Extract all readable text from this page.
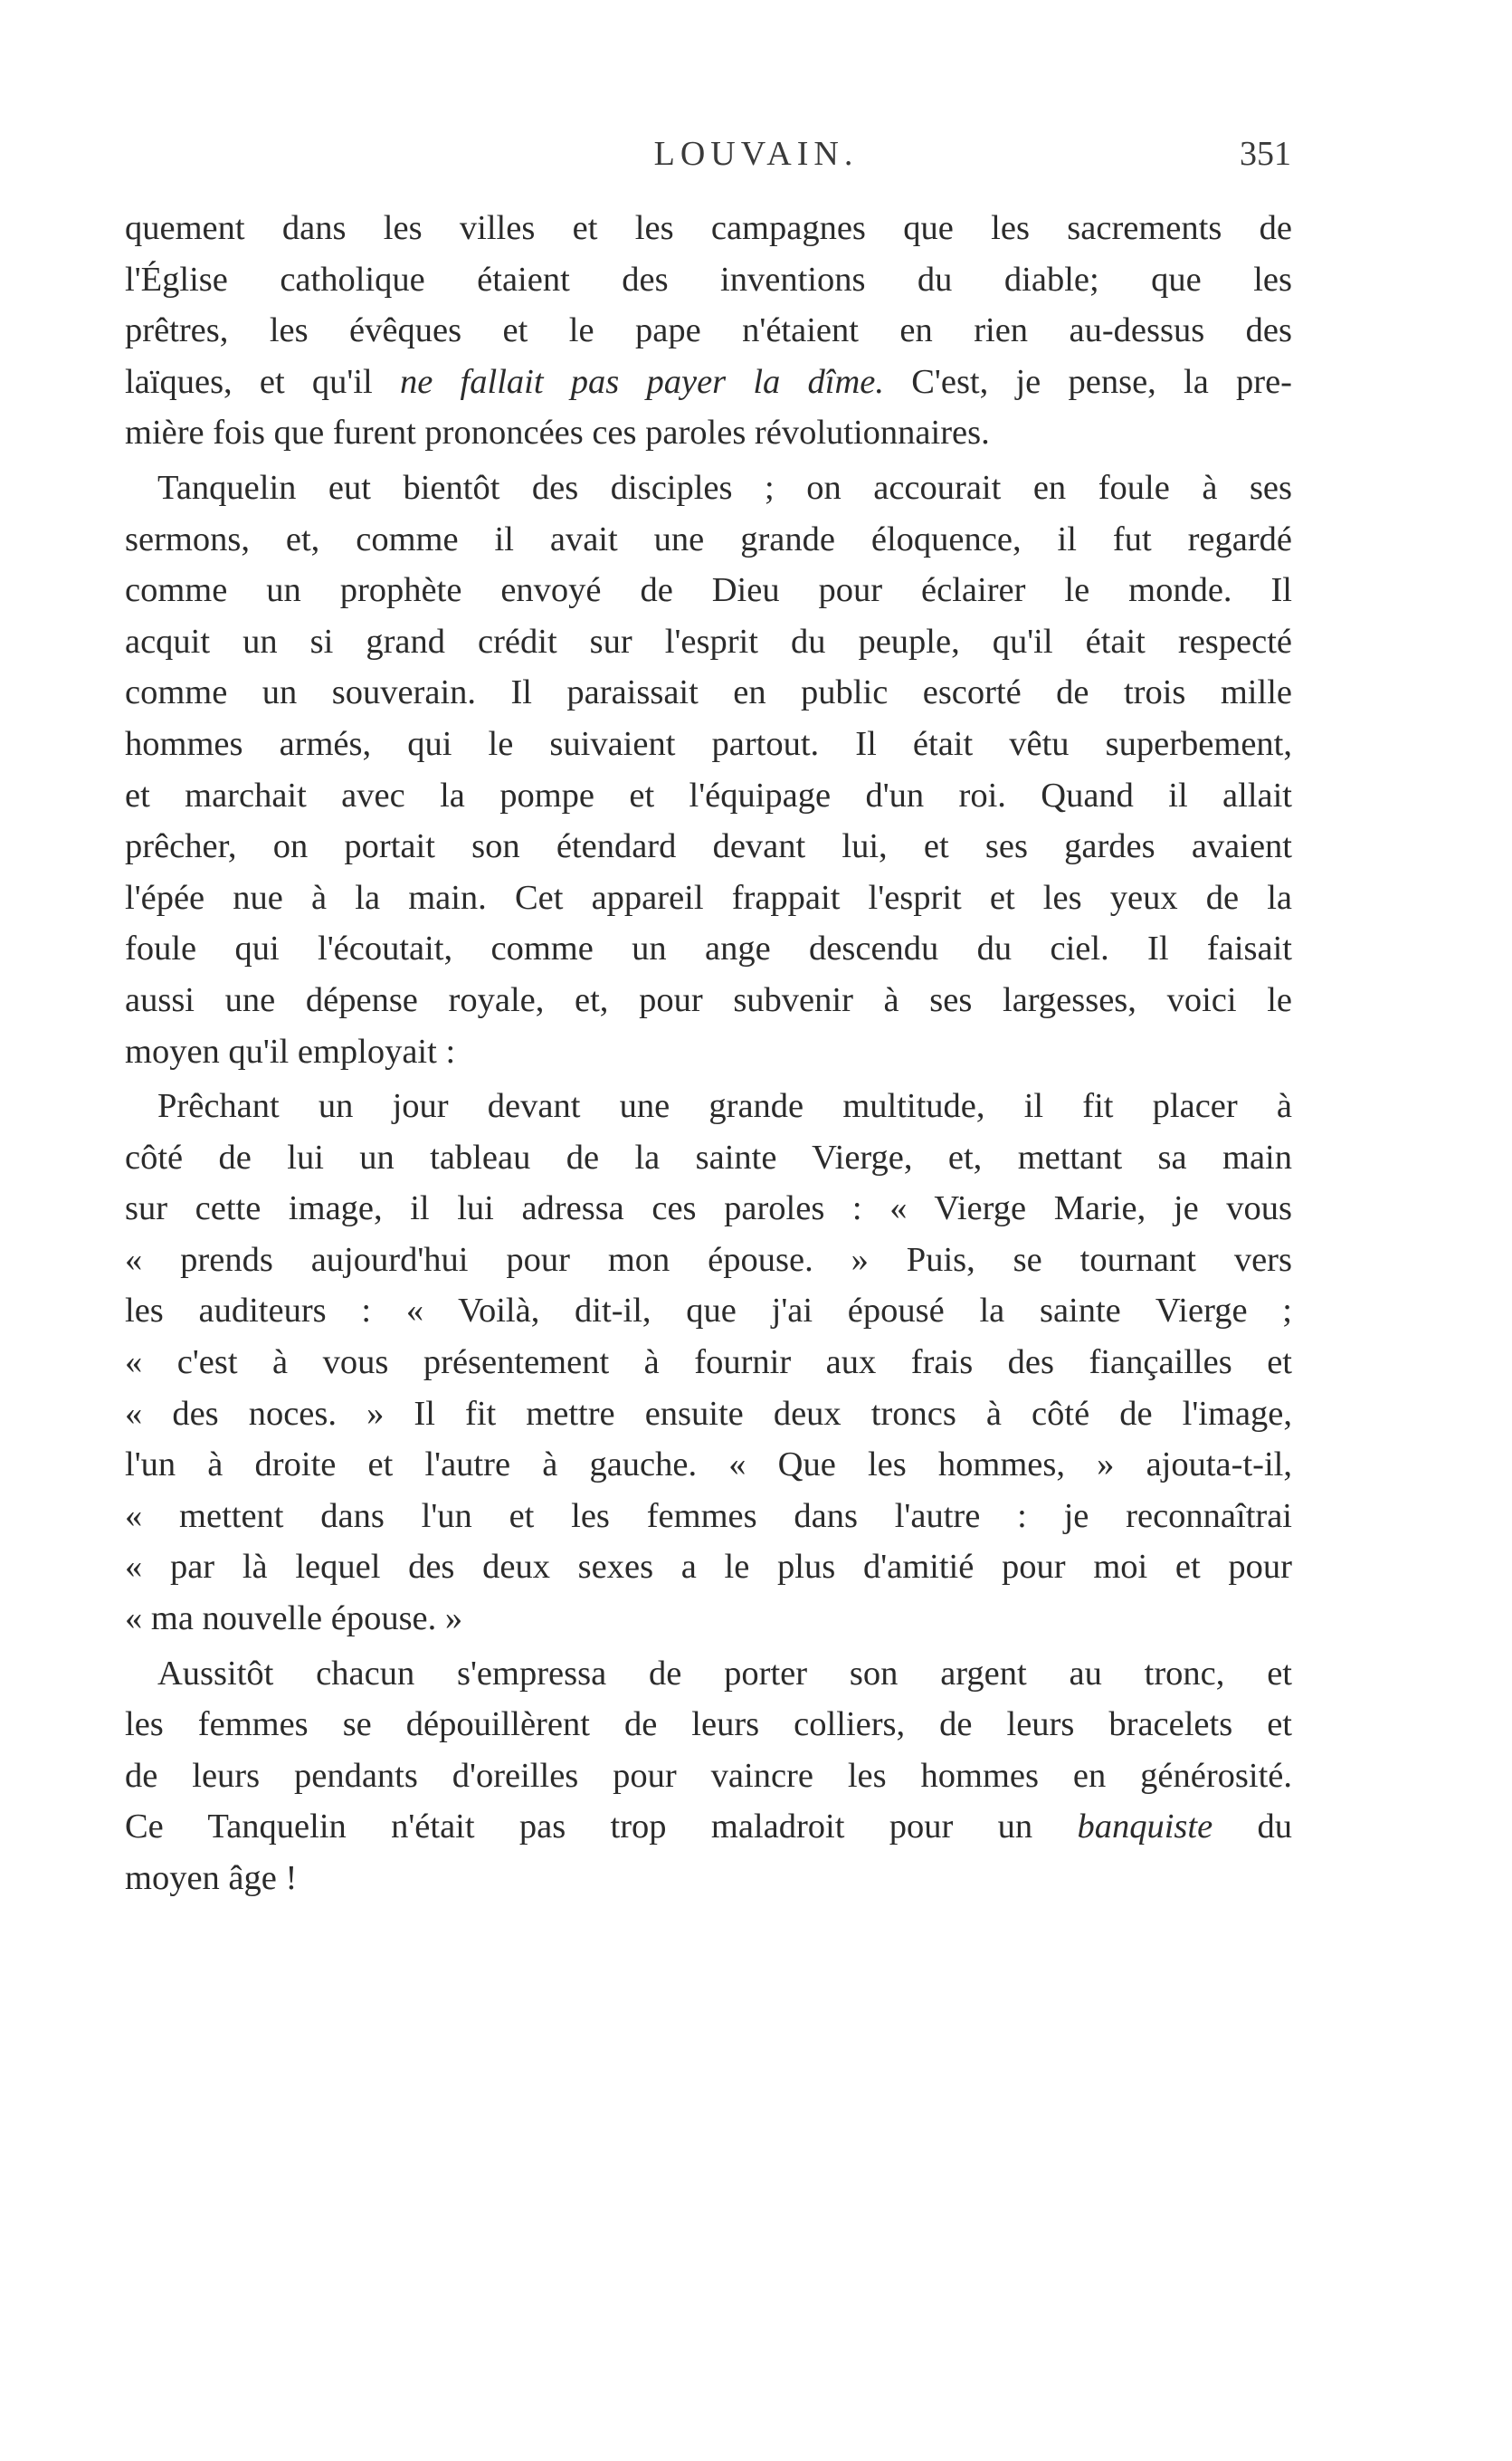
LOUVAIN.	351
quement dans les villes et les campagnes que les sacrements de
l'Église catholique étaient des inventions du diable; que les
prêtres, les évêques et le pape n'étaient en rien au-dessus des
laïques, et qu'il ne fallait pas payer la dîme. C'est, je pense, la pre-
mière fois que furent prononcées ces paroles révolutionnaires.
Tanquelin eut bientôt des disciples ; on accourait en foule à ses
sermons, et, comme il avait une grande éloquence, il fut regardé
comme un prophète envoyé de Dieu pour éclairer le monde. Il
acquit un si grand crédit sur l'esprit du peuple, qu'il était respecté
comme un souverain. Il paraissait en public escorté de trois mille
hommes armés, qui le suivaient partout. Il était vêtu superbement,
et marchait avec la pompe et l'équipage d'un roi. Quand il allait
prêcher, on portait son étendard devant lui, et ses gardes avaient
l'épée nue à la main. Cet appareil frappait l'esprit et les yeux de la
foule qui l'écoutait, comme un ange descendu du ciel. Il faisait
aussi une dépense royale, et, pour subvenir à ses largesses, voici le
moyen qu'il employait :
Prêchant un jour devant une grande multitude, il fit placer à
côté de lui un tableau de la sainte Vierge, et, mettant sa main
sur cette image, il lui adressa ces paroles : « Vierge Marie, je vous
« prends aujourd'hui pour mon épouse. » Puis, se tournant vers
les auditeurs : « Voilà, dit-il, que j'ai épousé la sainte Vierge ;
« c'est à vous présentement à fournir aux frais des fiançailles et
« des noces. » Il fit mettre ensuite deux troncs à côté de l'image,
l'un à droite et l'autre à gauche. « Que les hommes, » ajouta-t-il,
« mettent dans l'un et les femmes dans l'autre : je reconnaîtrai
« par là lequel des deux sexes a le plus d'amitié pour moi et pour
« ma nouvelle épouse. »
Aussitôt chacun s'empressa de porter son argent au tronc, et
les femmes se dépouillèrent de leurs colliers, de leurs bracelets et
de leurs pendants d'oreilles pour vaincre les hommes en générosité.
Ce Tanquelin n'était pas trop maladroit pour un banquiste du
moyen âge !
